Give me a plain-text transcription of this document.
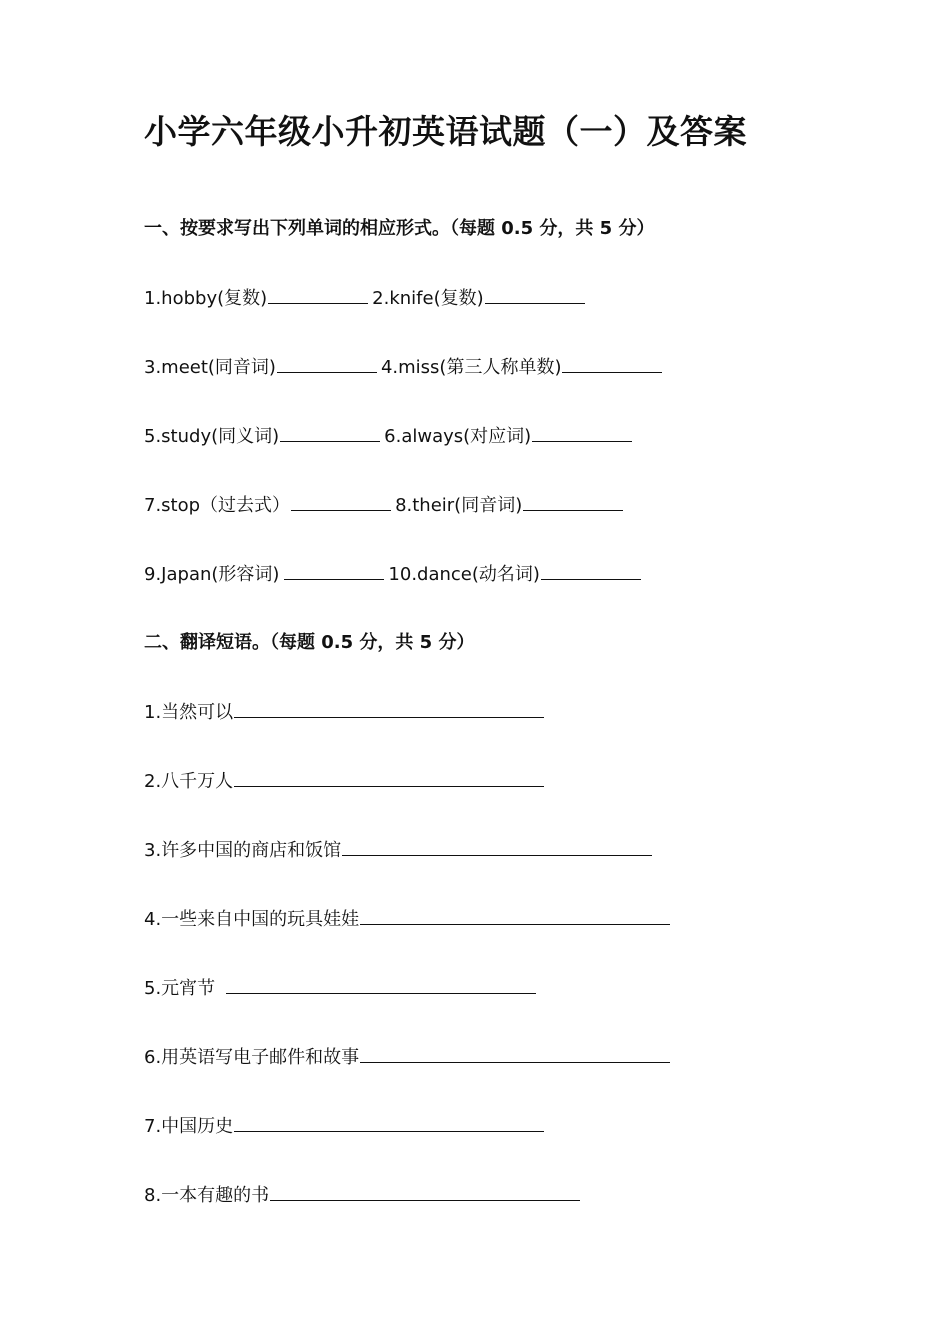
小学六年级小升初英语试题（一）及答案
一、按要求写出下列单词的相应形式。（每题 0.5 分，共 5 分）
1.hobby(复数)	2.knife(复数)
3.meet(同音词)	4.miss(第三人称单数)
5.study(同义词)	6.always(对应词)
7.stop（过去式）	8.their(同音词)
9.Japan(形容词)	10.dance(动名词)
二、翻译短语。（每题 0.5 分，共 5 分）
1.当然可以
2.八千万人
3.许多中国的商店和饭馆
4.一些来自中国的玩具娃娃
5.元宵节
6.用英语写电子邮件和故事
7.中国历史
8.一本有趣的书
